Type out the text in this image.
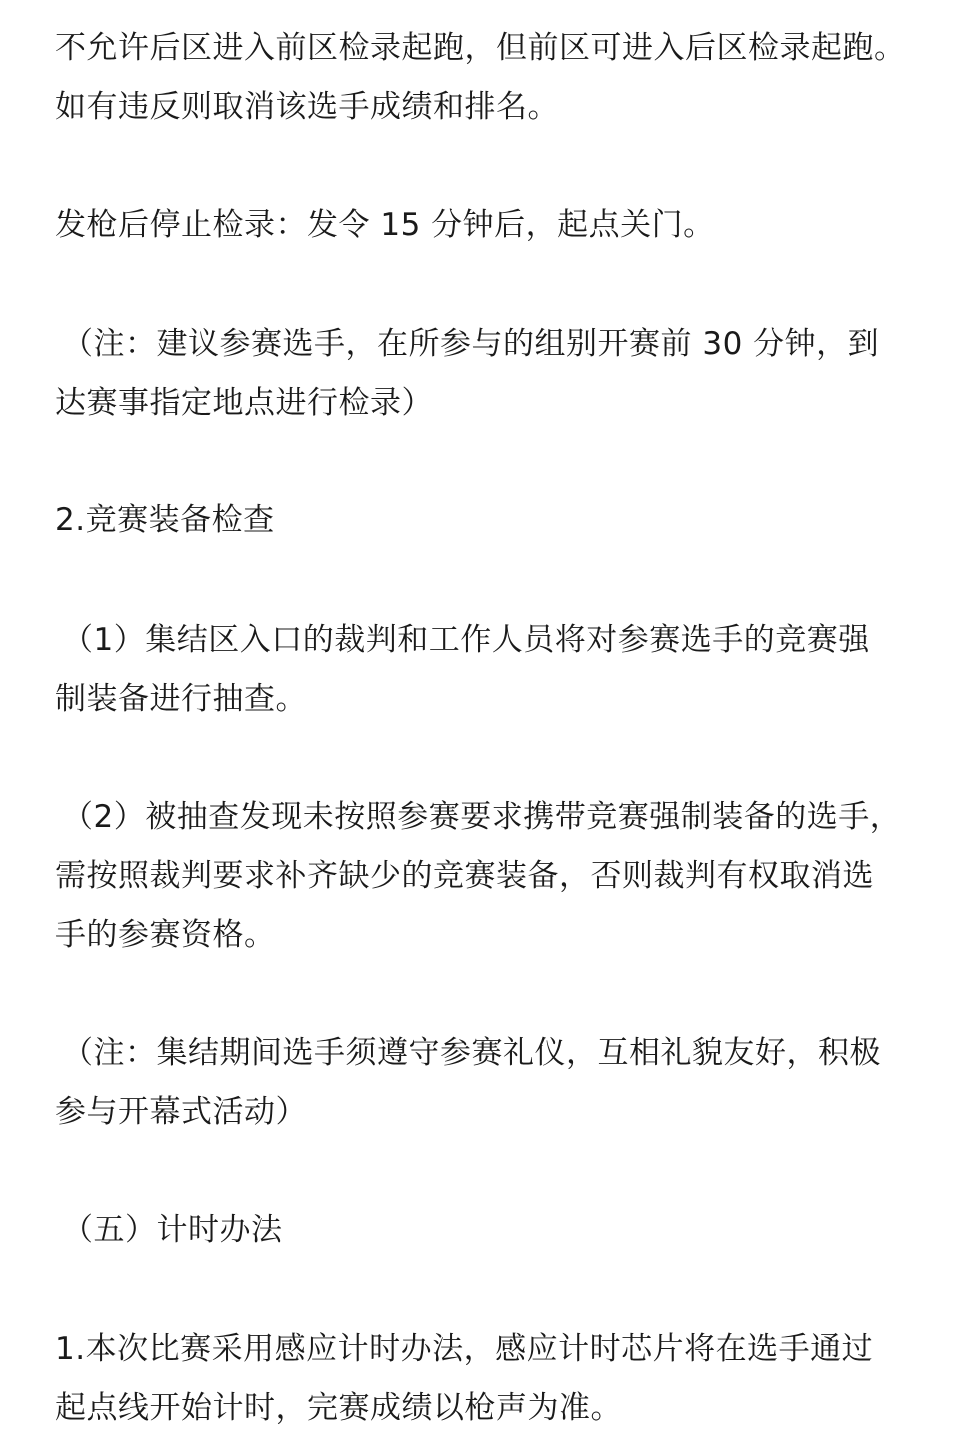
不允许后区进入前区检录起跑，但前区可进入后区检录起跑。
如有违反则取消该选手成绩和排名。
发枪后停止检录：发令 15 分钟后，起点关门。
（注：建议参赛选手，在所参与的组别开赛前 30 分钟，到
达赛事指定地点进行检录）
2.竞赛装备检查
（1）集结区入口的裁判和工作人员将对参赛选手的竞赛强
制装备进行抽查。
（2）被抽查发现未按照参赛要求携带竞赛强制装备的选手，
需按照裁判要求补齐缺少的竞赛装备，否则裁判有权取消选
手的参赛资格。
（注：集结期间选手须遵守参赛礼仪，互相礼貌友好，积极
参与开幕式活动）
（五）计时办法
1.本次比赛采用感应计时办法，感应计时芯片将在选手通过
起点线开始计时，完赛成绩以枪声为准。
